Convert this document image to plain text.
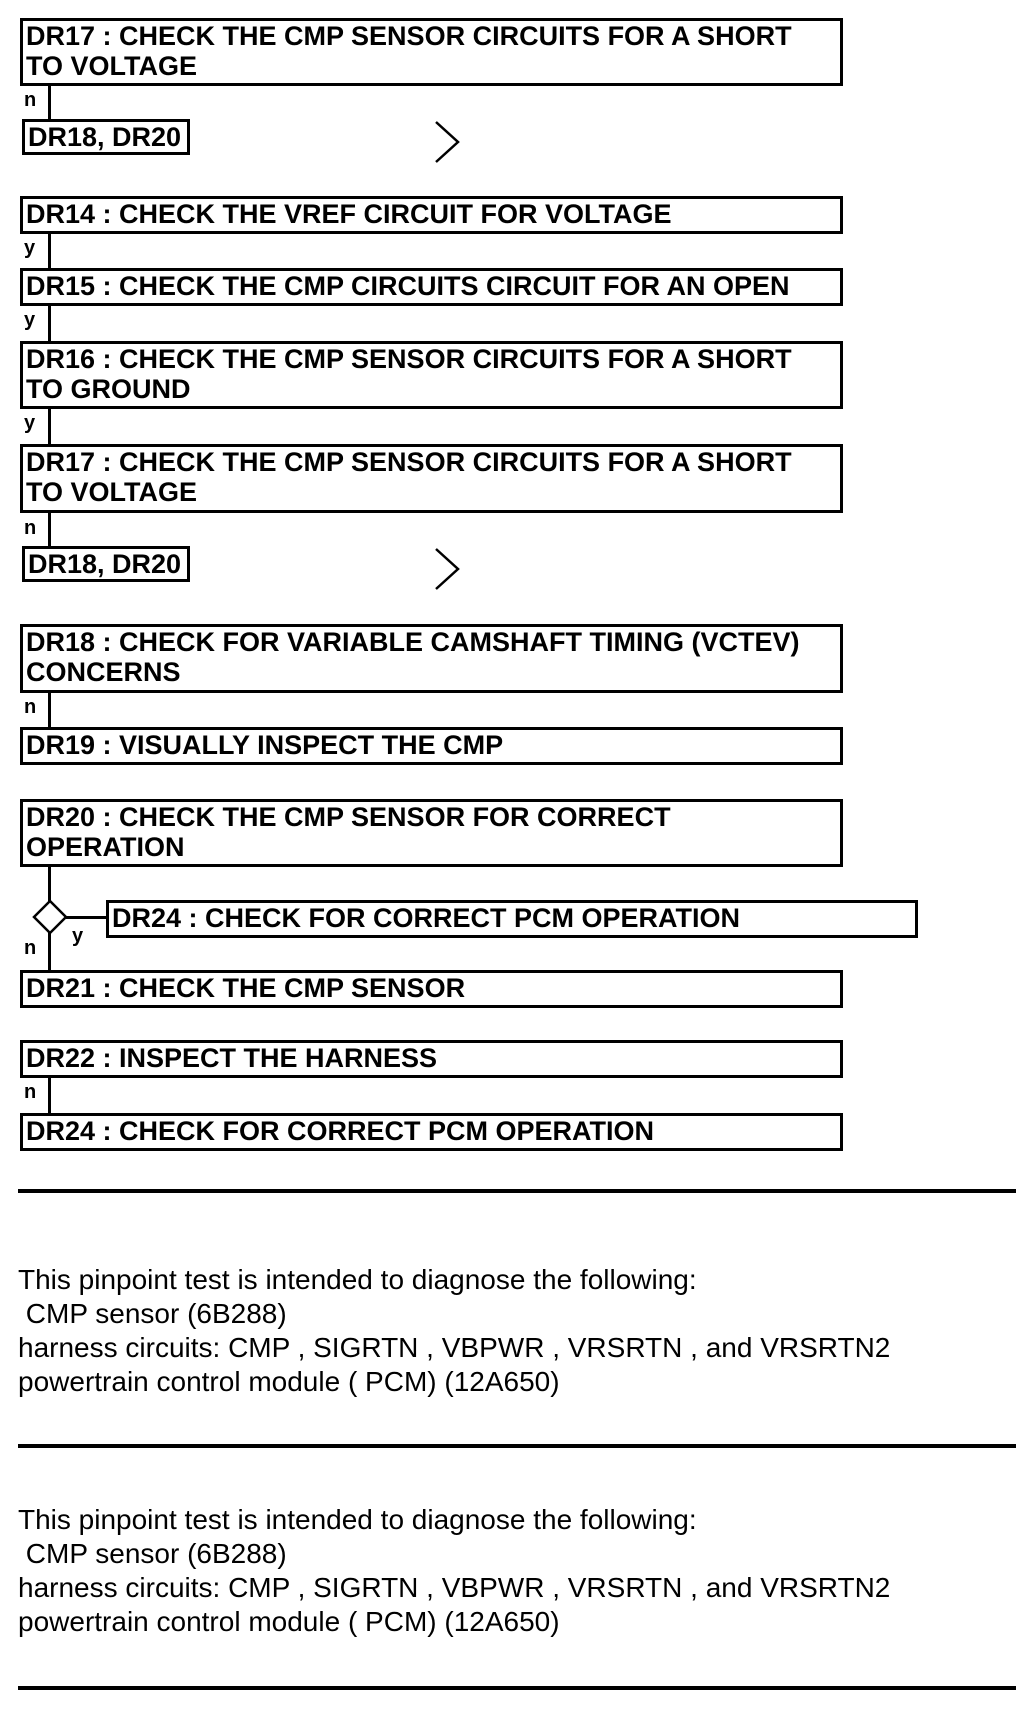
DR17 : CHECK THE CMP SENSOR CIRCUITS FOR A SHORT TO VOLTAGE
n
DR18, DR20
DR14 : CHECK THE VREF CIRCUIT FOR VOLTAGE
y
DR15 : CHECK THE CMP CIRCUITS CIRCUIT FOR AN OPEN
y
DR16 : CHECK THE CMP SENSOR CIRCUITS FOR A SHORT TO GROUND
y
DR17 : CHECK THE CMP SENSOR CIRCUITS FOR A SHORT TO VOLTAGE
n
DR18, DR20
DR18 : CHECK FOR VARIABLE CAMSHAFT TIMING (VCTEV) CONCERNS
n
DR19 : VISUALLY INSPECT THE CMP
DR20 : CHECK THE CMP SENSOR FOR CORRECT OPERATION
y
n
DR24 : CHECK FOR CORRECT PCM OPERATION
DR21 : CHECK THE CMP SENSOR
DR22 : INSPECT THE HARNESS
n
DR24 : CHECK FOR CORRECT PCM OPERATION
This pinpoint test is intended to diagnose the following:
CMP sensor (6B288)
harness circuits: CMP , SIGRTN , VBPWR , VRSRTN , and VRSRTN2
powertrain control module ( PCM) (12A650)
This pinpoint test is intended to diagnose the following:
CMP sensor (6B288)
harness circuits: CMP , SIGRTN , VBPWR , VRSRTN , and VRSRTN2
powertrain control module ( PCM) (12A650)
